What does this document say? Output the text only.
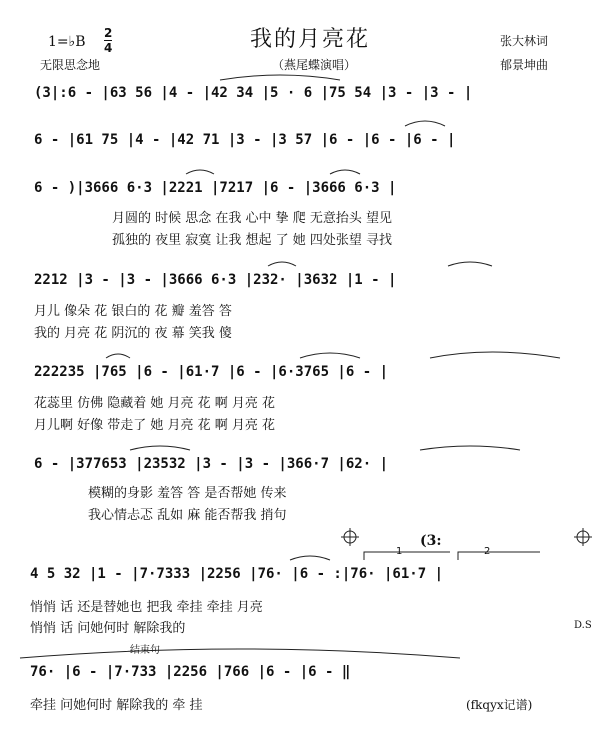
1=♭B
2
4	我的月亮花	张大林词
无限思念地	（燕尾蝶演唱）	郁景坤曲
(3|:6 - |63 56 |4 - |42 34 |5 · 6 |75 54 |3 - |3 - |
6 - |61 75 |4 - |42 71 |3 - |3 57 |6 - |6 - |6 - |
6 - )|3666 6·3 |2221 |7217 |6 - |3666 6·3 |
月圆的 时候 思念 在我 心中 挚 爬 无意抬头 望见
孤独的 夜里 寂寞 让我 想起 了 她 四处张望 寻找
2212 |3 - |3 - |3666 6·3 |232· |3632 |1 - |
月儿 像朵 花 银白的 花 瓣 羞答 答
我的 月亮 花 阴沉的 夜 幕 笑我 傻
222235 |765 |6 - |61·7 |6 - |6·3765 |6 - |
花蕊里 仿佛 隐藏着 她 月亮 花 啊 月亮 花
月儿啊 好像 带走了 她 月亮 花 啊 月亮 花
6 - |377653 |23532 |3 - |3 - |366·7 |62· |
模糊的身影 羞答 答 是否帮她 传来
我心情忐忑 乱如 麻 能否帮我 捎句
(3:
1	2
4 5 32 |1 - |7·7333 |2256 |76· |6 - :|76· |61·7 |
悄悄 话 还是替她也 把我 牵挂 牵挂 月亮
悄悄 话 问她何时 解除我的	D.S
结束句
76· |6 - |7·733 |2256 |766 |6 - |6 - ‖
牵挂 问她何时 解除我的 牵 挂	(fkqyx记谱)
